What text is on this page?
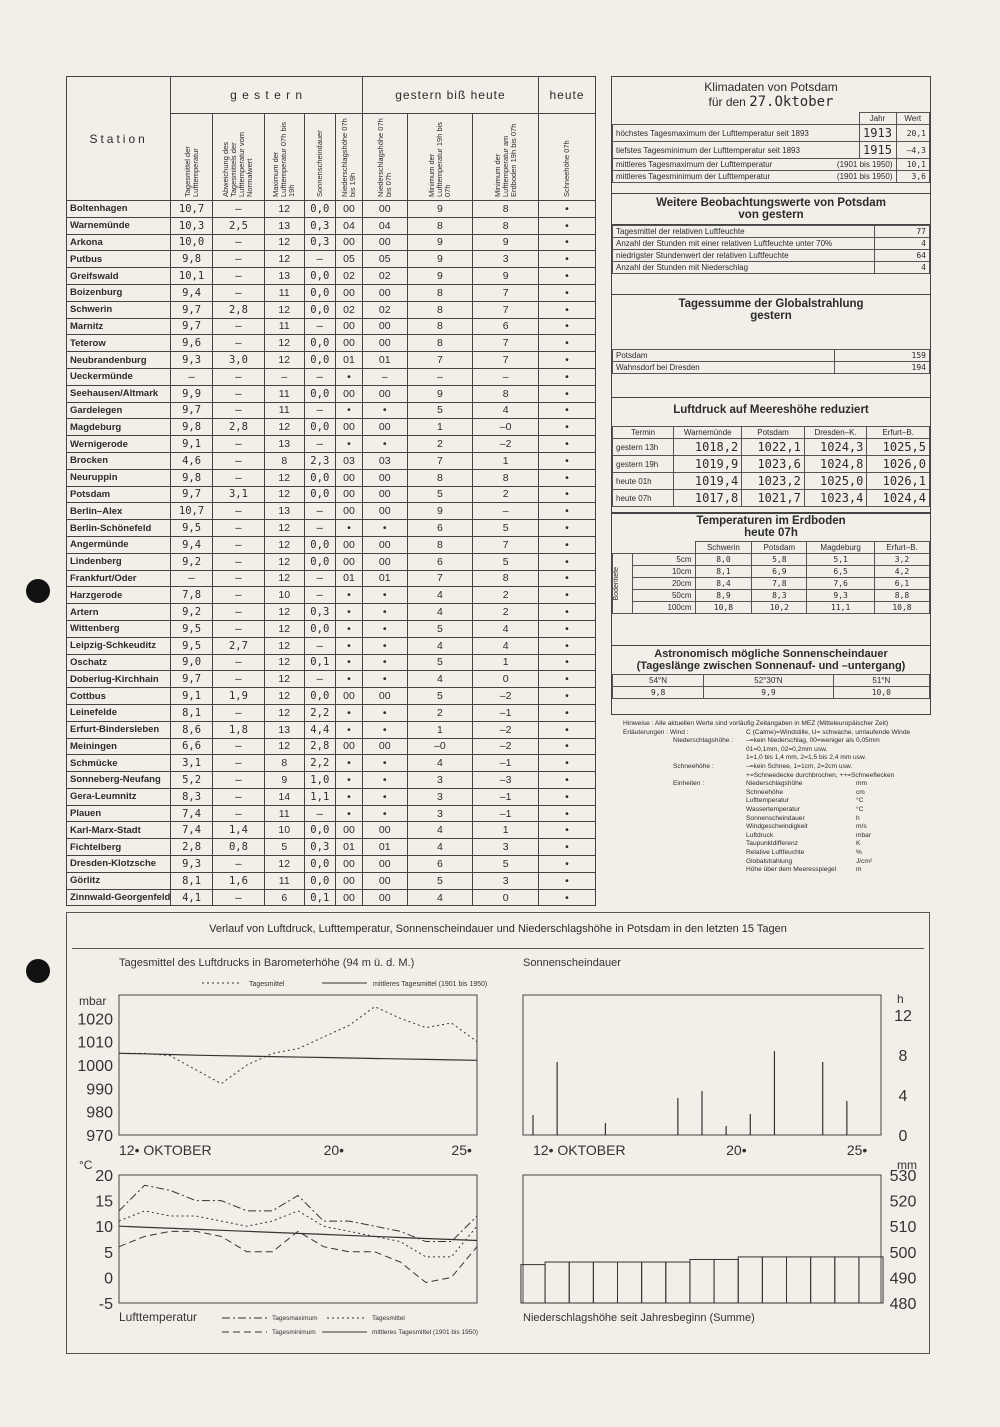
Station	g e s t e r n					gestern biß heute			heute

	Tagesmittel der Lufttemperatur	Abweichung des Tagesmittels der Lufttemperatur vom Normalwert	Maximum der Lufttemperatur 07h bis 19h	Sonnenscheindauer	Niederschlagshöhe 07h bis 19h	Niederschlagshöhe 07h bis 07h	Minimum der Lufttemperatur 19h bis 07h	Minimum der Lufttemperatur am Erdboden 19h bis 07h	Schneehöhe 07h

Boltenhagen	10,7	–	12	0,0	00	00	9	8	•
Warnemünde	10,3	2,5	13	0,3	04	04	8	8	•
Arkona	10,0	–	12	0,3	00	00	9	9	•
Putbus	9,8	–	12	–	05	05	9	3	•
Greifswald	10,1	–	13	0,0	02	02	9	9	•
Boizenburg	9,4	–	11	0,0	00	00	8	7	•
Schwerin	9,7	2,8	12	0,0	02	02	8	7	•
Marnitz	9,7	–	11	–	00	00	8	6	•
Teterow	9,6	–	12	0,0	00	00	8	7	•
Neubrandenburg	9,3	3,0	12	0,0	01	01	7	7	•
Ueckermünde	–	–	–	–	•	–	–	–	•
Seehausen/Altmark	9,9	–	11	0,0	00	00	9	8	•
Gardelegen	9,7	–	11	–	•	•	5	4	•
Magdeburg	9,8	2,8	12	0,0	00	00	1	–0	•
Wernigerode	9,1	–	13	–	•	•	2	–2	•
Brocken	4,6	–	8	2,3	03	03	7	1	•
Neuruppin	9,8	–	12	0,0	00	00	8	8	•
Potsdam	9,7	3,1	12	0,0	00	00	5	2	•
Berlin–Alex	10,7	–	13	–	00	00	9	–	•
Berlin-Schönefeld	9,5	–	12	–	•	•	6	5	•
Angermünde	9,4	–	12	0,0	00	00	8	7	•
Lindenberg	9,2	–	12	0,0	00	00	6	5	•
Frankfurt/Oder	–	–	12	–	01	01	7	8	•
Harzgerode	7,8	–	10	–	•	•	4	2	•
Artern	9,2	–	12	0,3	•	•	4	2	•
Wittenberg	9,5	–	12	0,0	•	•	5	4	•
Leipzig-Schkeuditz	9,5	2,7	12	–	•	•	4	4	•
Oschatz	9,0	–	12	0,1	•	•	5	1	•
Doberlug-Kirchhain	9,7	–	12	–	•	•	4	0	•
Cottbus	9,1	1,9	12	0,0	00	00	5	–2	•
Leinefelde	8,1	–	12	2,2	•	•	2	–1	•
Erfurt-Bindersleben	8,6	1,8	13	4,4	•	•	1	–2	•
Meiningen	6,6	–	12	2,8	00	00	–0	–2	•
Schmücke	3,1	–	8	2,2	•	•	4	–1	•
Sonneberg-Neufang	5,2	–	9	1,0	•	•	3	–3	•
Gera-Leumnitz	8,3	–	14	1,1	•	•	3	–1	•
Plauen	7,4	–	11	–	•	•	3	–1	•
Karl-Marx-Stadt	7,4	1,4	10	0,0	00	00	4	1	•
Fichtelberg	2,8	0,8	5	0,3	01	01	4	3	•
Dresden-Klotzsche	9,3	–	12	0,0	00	00	6	5	•
Görlitz	8,1	1,6	11	0,0	00	00	5	3	•
Zinnwald-Georgenfeld	4,1	–	6	0,1	00	00	4	0	•
Klimadaten von Potsdam
für den 27.Oktober
	Jahr	Wert
höchstes Tagesmaximum der Lufttemperatur seit 1893	1913	20,1
tiefstes Tagesminimum der Lufttemperatur seit 1893	1915	–4,3
mittleres Tagesmaximum der Lufttemperatur (1901 bis 1950)		10,1
mittleres Tagesminimum der Lufttemperatur (1901 bis 1950)		3,6
Weitere Beobachtungswerte von Potsdam
von gestern
Tagesmittel der relativen Luftfeuchte	77
Anzahl der Stunden mit einer relativen Luftfeuchte unter 70%	4
niedrigster Stundenwert der relativen Luftfeuchte	64
Anzahl der Stunden mit Niederschlag	4
Tagessumme der Globalstrahlung
gestern
Potsdam	159
Wahnsdorf bei Dresden	194
Luftdruck auf Meereshöhe reduziert
Termin	Warnemünde	Potsdam	Dresden–K.	Erfurt–B.
gestern 13h	1018,2	1022,1	1024,3	1025,5
gestern 19h	1019,9	1023,6	1024,8	1026,0
heute 01h	1019,4	1023,2	1025,0	1026,1
heute 07h	1017,8	1021,7	1023,4	1024,4
Temperaturen im Erdboden
heute 07h
		Schwerin	Potsdam	Magdeburg	Erfurt–B.

Bodentiefe	5cm	8,0	5,8	5,1	3,2
	10cm	8,1	6,9	6,5	4,2
	20cm	8,4	7,8	7,6	6,1
	50cm	8,9	8,3	9,3	8,8
	100cm	10,8	10,2	11,1	10,8
Astronomisch mögliche Sonnenscheindauer
(Tageslänge zwischen Sonnenauf- und –untergang)
54°N	52°30'N	51°N
9,8	9,9	10,0
Hinweise : Alle aktuellen Werte sind vorläufig Zeitangaben in MEZ (Mitteleuropäischer Zeit)
Erläuterungen : Wind :	C (Calme)=Windstille, U= schwache, umlaufende Winde
Niederschlagshöhe :	–=kein Niederschlag, 00=weniger als 0,05mm
01=0,1mm, 02=0,2mm usw.
1=1,0 bis 1,4 mm, 2=1,5 bis 2,4 mm usw.
Schneehöhe :	–=kein Schnee, 1=1cm, 2=2cm usw.
+=Schneedecke durchbrochen, ++=Schneeflecken
Einheiten :	Niederschlagshöhe	mm
Schneehöhe	cm
Lufttemperatur	°C
Wassertemperatur	°C
Sonnenscheindauer	h
Windgeschwindigkeit	m/s
Luftdruck	mbar
Taupunktdifferenz	K
Relative Luftfeuchte	%
Globalstrahlung	J/cm²
Höhe über dem Meeresspiegel	m
Verlauf von Luftdruck, Lufttemperatur, Sonnenscheindauer und Niederschlagshöhe in Potsdam in den letzten 15 Tagen
Tagesmittel des Luftdrucks in Barometerhöhe (94 m ü. d. M.)
mbar
970
980
990
1000
1010
1020
Tagesmittel	mittleres Tagesmittel (1901 bis 1950)
12• OKTOBER	20•	25•
Sonnenscheindauer
h
0
4
8
12
12• OKTOBER	20•	25•
°C
-5
0
5
10
15
20
Lufttemperatur	Tagesmaximum	Tagesmittel
Tagesminimum	mittleres Tagesmittel (1901 bis 1950)
mm
480
490
500
510
520
530
Niederschlagshöhe seit Jahresbeginn (Summe)
